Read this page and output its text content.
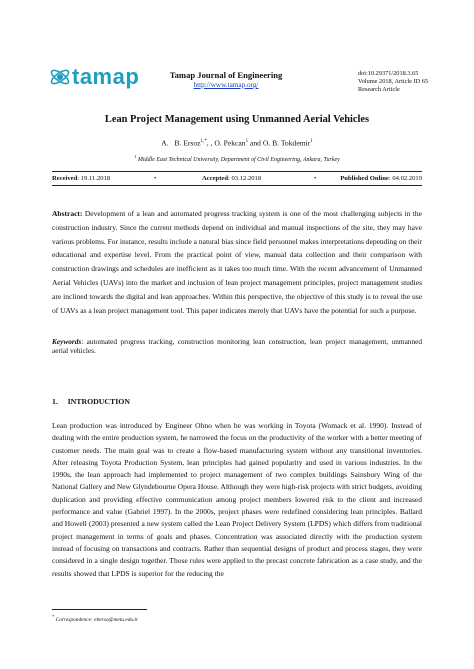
tamap	Tamap Journal of Engineering
http://www.tamap.org/
doi:10.29371/2018.3.65
Volume 2018, Article ID 65
Research Article
Lean Project Management using Unmanned Aerial Vehicles
A. B. Ersoz$^{1,*}$, , O. Pekcan$^1$ and O. B. Tokdemir$^1$
$^1$ Middle East Technical University, Department of Civil Engineering, Ankara, Turkey
Received: 19.11.2018	•	Accepted: 03.12.2018	•	Published Online: 04.02.2019
Abstract: Development of a lean and automated progress tracking system is one of the most challenging subjects in the construction industry. Since the current methods depend on individual and manual inspections of the site, they may have various problems. For instance, results include a natural bias since field personnel makes interpretations depending on their educational and expertise level. From the practical point of view, manual data collection and their comparison with construction drawings and schedules are inefficient as it takes too much time. With the recent advancement of Unmanned Aerial Vehicles (UAVs) into the market and inclusion of lean project management principles, project management studies are inclined towards the digital and lean approaches. Within this perspective, the objective of this study is to reveal the use of UAVs as a lean project management tool. This paper indicates merely that UAVs have the potential for such a purpose.
Keywords: automated progress tracking, construction monitoring lean construction, lean project management, unmanned aerial vehicles.
1.     INTRODUCTION
Lean production was introduced by Engineer Ohno when he was working in Toyota (Womack et al. 1990). Instead of dealing with the entire production system, he narrowed the focus on the productivity of the worker with a better meeting of customer needs. The main goal was to create a flow-based manufacturing system without any transitional inventories. After releasing Toyota Production System, lean principles had gained popularity and used in various industries. In the 1990s, the lean approach had implemented to project management of two complex buildings Sainsbury Wing of the National Gallery and New Glyndebourne Opera House. Although they were high-risk projects with strict budgets, avoiding duplication and providing effective communication among project members lowered risk to the client and increased performance and value (Gabriel 1997). In the 2000s, project phases were redefined considering lean principles. Ballard and Howell (2003) presented a new system called the Lean Project Delivery System (LPDS) which differs from traditional project management in terms of goals and phases. Concentration was associated directly with the production system instead of focusing on transactions and contracts. Rather than sequential designs of product and process stages, they were considered in a single design together. Those rules were applied to the precast concrete fabrication as a case study, and the results showed that LPDS is superior for the reducing the
* Correspondence: eberso@metu.edu.tr
